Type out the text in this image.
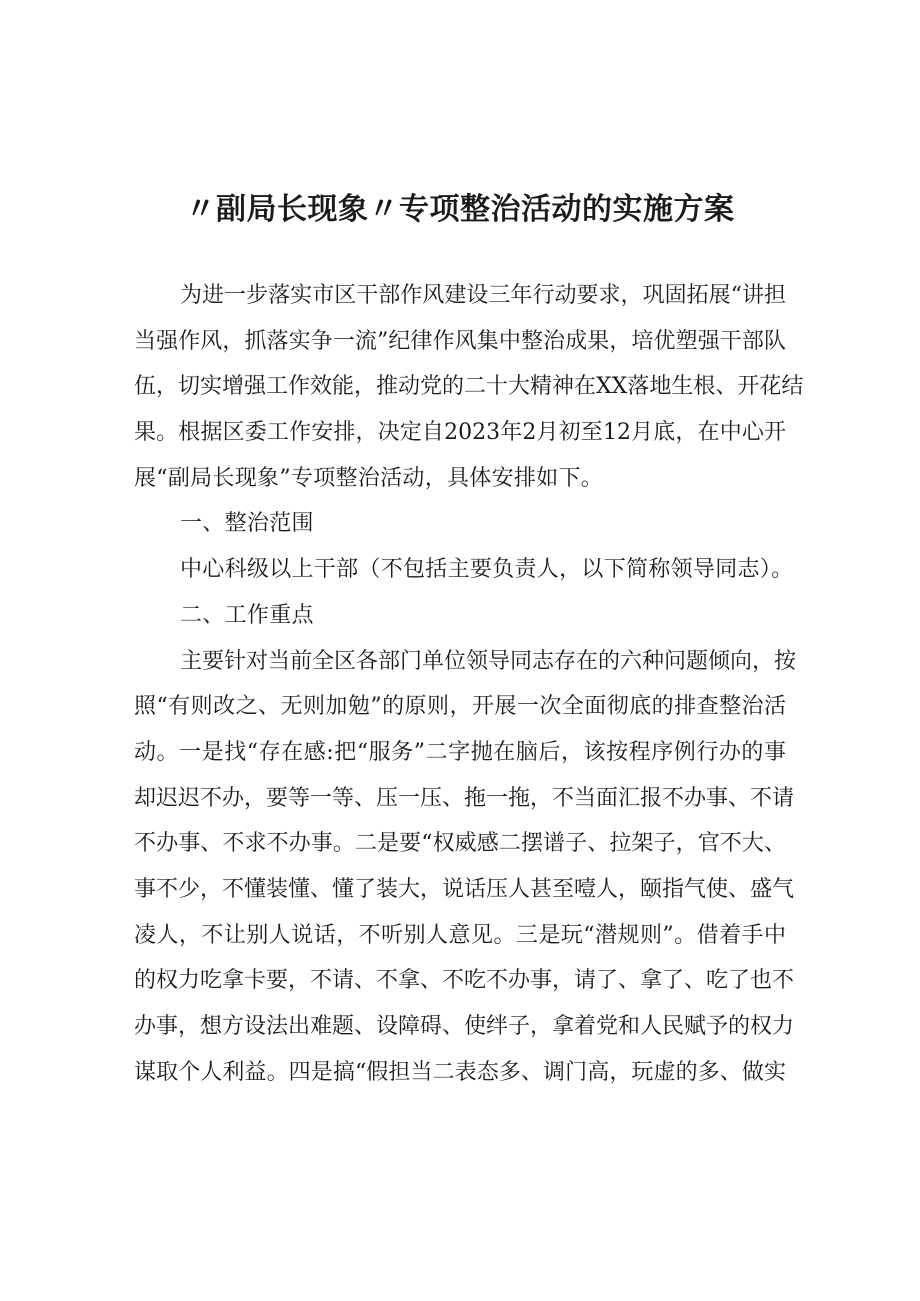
〃副局长现象〃专项整治活动的实施方案
为进一步落实市区干部作风建设三年行动要求，巩固拓展“讲担
当强作风，抓落实争一流”纪律作风集中整治成果，培优塑强干部队
伍，切实增强工作效能，推动党的二十大精神在XX落地生根、开花结
果。根据区委工作安排，决定自2023年2月初至12月底，在中心开
展“副局长现象”专项整治活动，具体安排如下。
一、整治范围
中心科级以上干部（不包括主要负责人，以下简称领导同志）。
二、工作重点
主要针对当前全区各部门单位领导同志存在的六种问题倾向，按
照“有则改之、无则加勉”的原则，开展一次全面彻底的排查整治活
动。一是找“存在感:把“服务”二字抛在脑后，该按程序例行办的事
却迟迟不办，要等一等、压一压、拖一拖，不当面汇报不办事、不请
不办事、不求不办事。二是要“权威感二摆谱子、拉架子，官不大、
事不少，不懂装懂、懂了装大，说话压人甚至噎人，颐指气使、盛气
凌人，不让别人说话，不听别人意见。三是玩“潜规则”。借着手中
的权力吃拿卡要，不请、不拿、不吃不办事，请了、拿了、吃了也不
办事，想方设法出难题、设障碍、使绊子，拿着党和人民赋予的权力
谋取个人利益。四是搞“假担当二表态多、调门高，玩虚的多、做实
